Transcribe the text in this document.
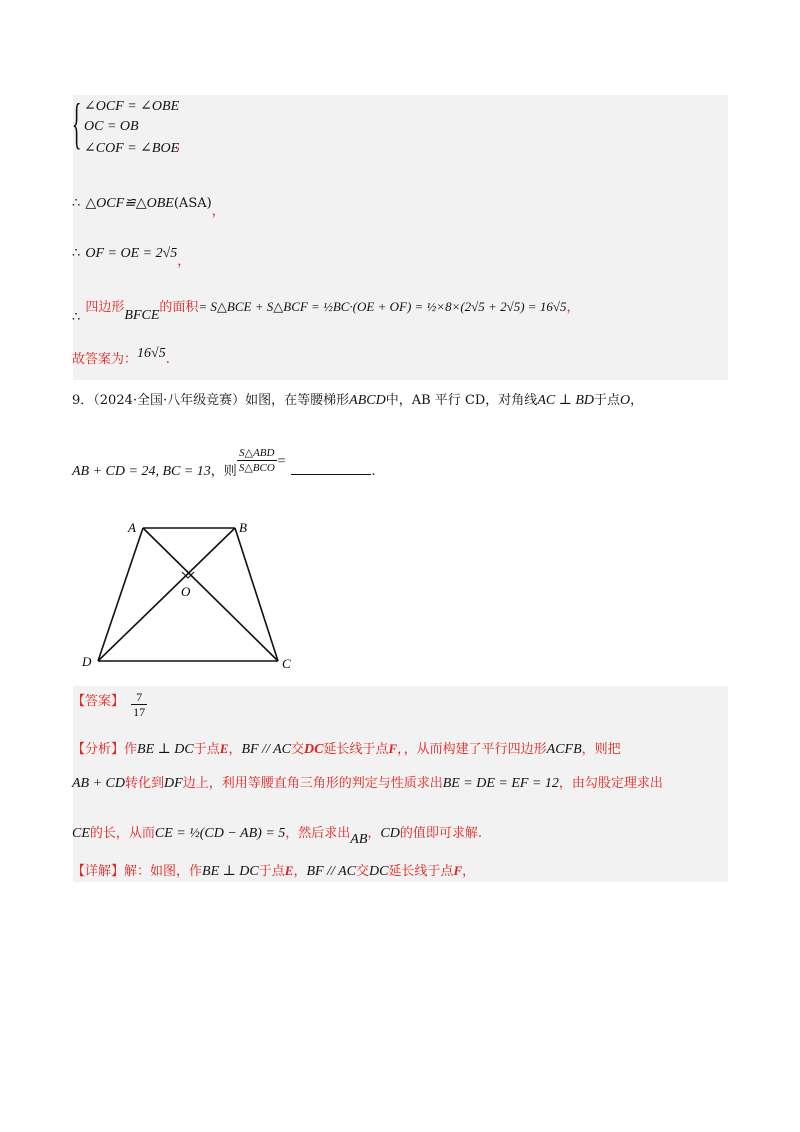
{ ∠OCF = ∠OBE
OC = OB
∠COF = ∠BOE
，
∴ $\triangle OCF≌\triangle OBE(ASA)_,$
∴ OF = OE = $2√5_,$
$_\therefore$ 四边形BFCE的面积= S△BCE + S△BCF = ½BC·(OE + OF) = ½×8×(2√5 + 2√5) = 16√5，
$_{故答案为:}16√5_.$
9．（2024·全国·八年级竞赛）如图，在等腰梯形ABCD中，AB 平行 CD，对角线AC ⊥ BD于点O，
AB + CD = 24, BC = $13_{,则} \frac{\text{S△ABD}}{\text{S△BCO}} = _.$
A	B
O
D	C
$^{【答案】} \frac{7}{17}$
【分析】作BE ⊥ DC于点E，BF // AC交DC延长线于点F，，从而构建了平行四边形ACFB，则把
AB + CD转化到DF边上，利用等腰直角三角形的判定与性质求出BE = DE = EF = 12，由勾股定理求出
CE的长，从而CE = ½(CD − AB) = 5，然后求出AB，CD的值即可求解.
【详解】解：如图，作BE ⊥ DC于点E，BF // AC交DC延长线于点F，
